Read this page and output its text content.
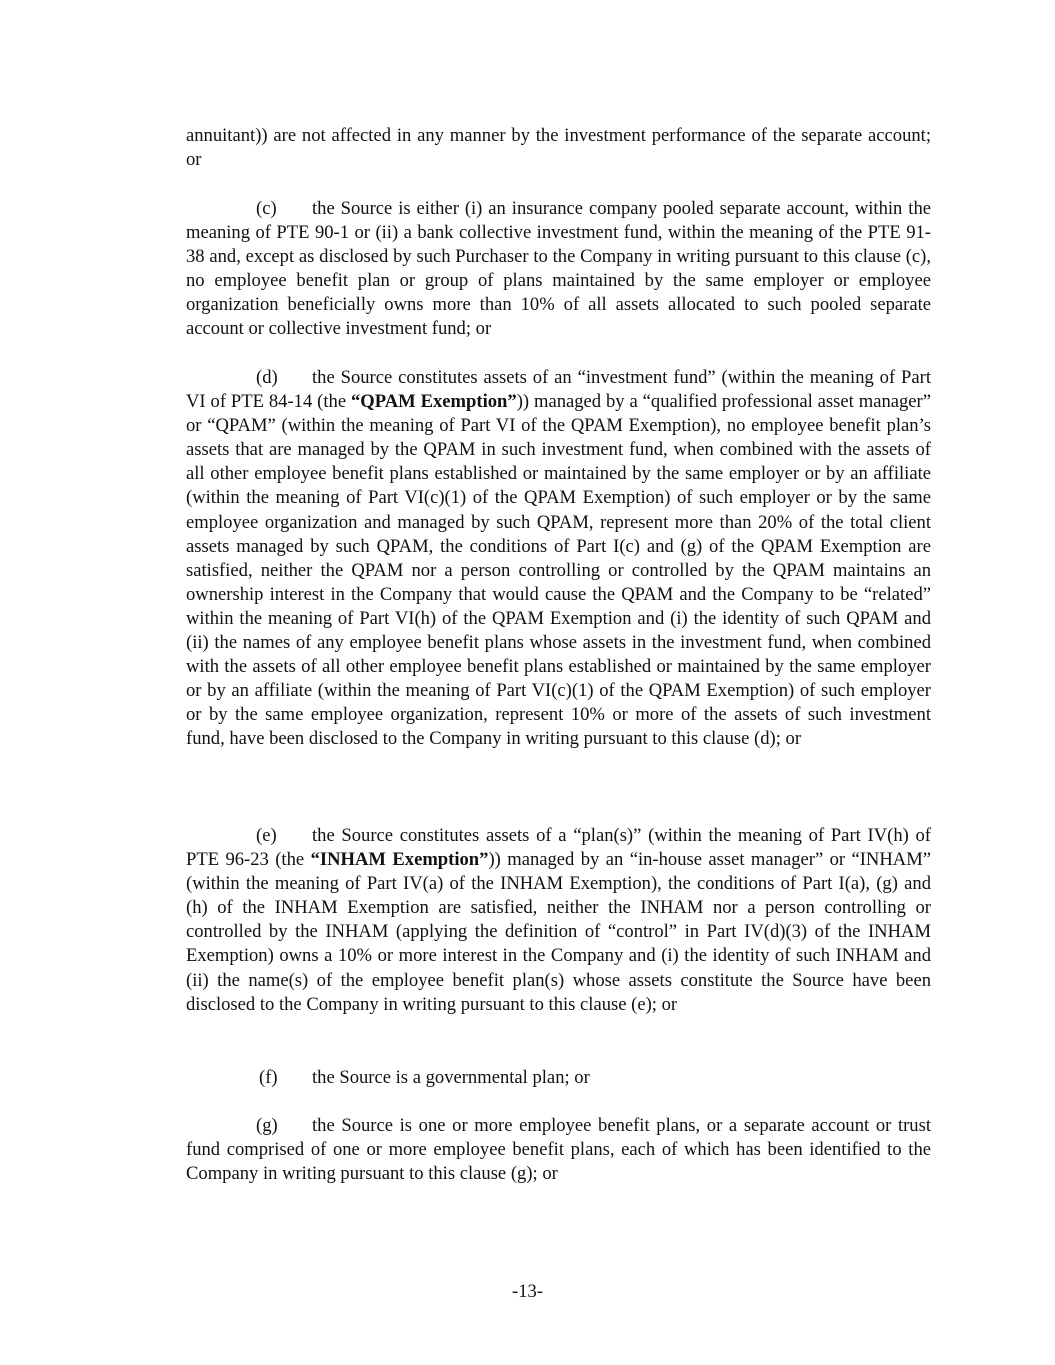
annuitant)) are not affected in any manner by the investment performance of the separate account; or

(c) the Source is either (i) an insurance company pooled separate account, within the meaning of PTE 90-1 or (ii) a bank collective investment fund, within the meaning of the PTE 91-38 and, except as disclosed by such Purchaser to the Company in writing pursuant to this clause (c), no employee benefit plan or group of plans maintained by the same employer or employee organization beneficially owns more than 10% of all assets allocated to such pooled separate account or collective investment fund; or

(d) the Source constitutes assets of an “investment fund” (within the meaning of Part VI of PTE 84-14 (the “QPAM Exemption”)) managed by a “qualified professional asset manager” or “QPAM” (within the meaning of Part VI of the QPAM Exemption), no employee benefit plan’s assets that are managed by the QPAM in such investment fund, when combined with the assets of all other employee benefit plans established or maintained by the same employer or by an affiliate (within the meaning of Part VI(c)(1) of the QPAM Exemption) of such employer or by the same employee organization and managed by such QPAM, represent more than 20% of the total client assets managed by such QPAM, the conditions of Part I(c) and (g) of the QPAM Exemption are satisfied, neither the QPAM nor a person controlling or controlled by the QPAM maintains an ownership interest in the Company that would cause the QPAM and the Company to be “related” within the meaning of Part VI(h) of the QPAM Exemption and (i) the identity of such QPAM and (ii) the names of any employee benefit plans whose assets in the investment fund, when combined with the assets of all other employee benefit plans established or maintained by the same employer or by an affiliate (within the meaning of Part VI(c)(1) of the QPAM Exemption) of such employer or by the same employee organization, represent 10% or more of the assets of such investment fund, have been disclosed to the Company in writing pursuant to this clause (d); or

(e) the Source constitutes assets of a “plan(s)” (within the meaning of Part IV(h) of PTE 96-23 (the “INHAM Exemption”)) managed by an “in-house asset manager” or “INHAM” (within the meaning of Part IV(a) of the INHAM Exemption), the conditions of Part I(a), (g) and (h) of the INHAM Exemption are satisfied, neither the INHAM nor a person controlling or controlled by the INHAM (applying the definition of “control” in Part IV(d)(3) of the INHAM Exemption) owns a 10% or more interest in the Company and (i) the identity of such INHAM and (ii) the name(s) of the employee benefit plan(s) whose assets constitute the Source have been disclosed to the Company in writing pursuant to this clause (e); or

(f) the Source is a governmental plan; or

(g) the Source is one or more employee benefit plans, or a separate account or trust fund comprised of one or more employee benefit plans, each of which has been identified to the Company in writing pursuant to this clause (g); or

-13-
